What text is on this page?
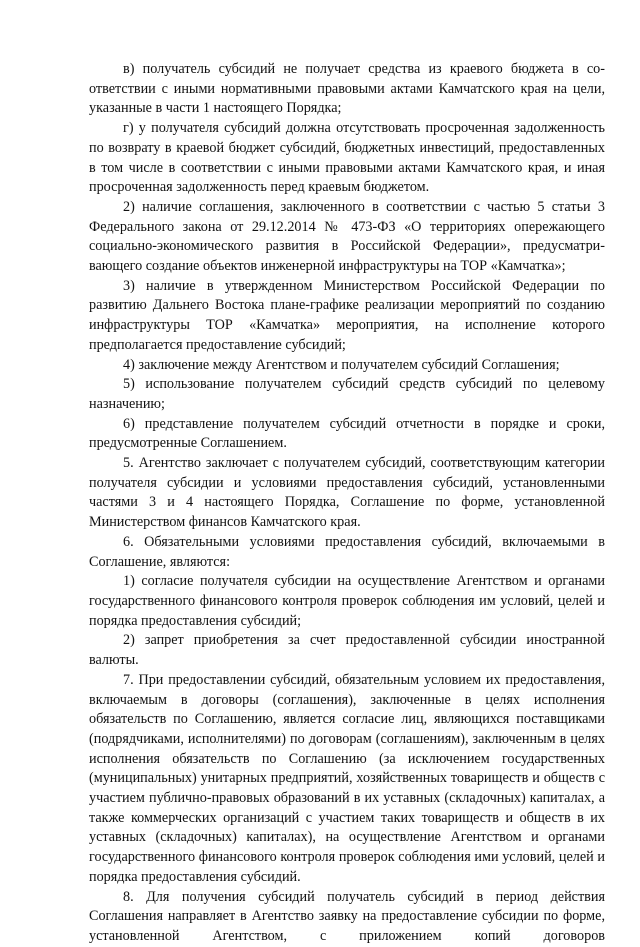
в) получатель субсидий не получает средства из краевого бюджета в соответствии с иными нормативными правовыми актами Камчатского края на цели, указанные в части 1 настоящего Порядка;

г) у получателя субсидий должна отсутствовать просроченная задолженность по возврату в краевой бюджет субсидий, бюджетных инвестиций, предоставленных в том числе в соответствии с иными правовыми актами Камчатского края, и иная просроченная задолженность перед краевым бюджетом.

2) наличие соглашения, заключенного в соответствии с частью 5 статьи 3 Федерального закона от 29.12.2014 № 473-ФЗ «О территориях опережающего социально-экономического развития в Российской Федерации», предусматривающего создание объектов инженерной инфраструктуры на ТОР «Камчатка»;

3) наличие в утвержденном Министерством Российской Федерации по развитию Дальнего Востока плане-графике реализации мероприятий по созданию инфраструктуры ТОР «Камчатка» мероприятия, на исполнение которого предполагается предоставление субсидий;

4) заключение между Агентством и получателем субсидий Соглашения;

5) использование получателем субсидий средств субсидий по целевому назначению;

6) представление получателем субсидий отчетности в порядке и сроки, предусмотренные Соглашением.

5. Агентство заключает с получателем субсидий, соответствующим категории получателя субсидии и условиями предоставления субсидий, установленными частями 3 и 4 настоящего Порядка, Соглашение по форме, установленной Министерством финансов Камчатского края.

6. Обязательными условиями предоставления субсидий, включаемыми в Соглашение, являются:

1) согласие получателя субсидии на осуществление Агентством и органами государственного финансового контроля проверок соблюдения им условий, целей и порядка предоставления субсидий;

2) запрет приобретения за счет предоставленной субсидии иностранной валюты.

7. При предоставлении субсидий, обязательным условием их предоставления, включаемым в договоры (соглашения), заключенные в целях исполнения обязательств по Соглашению, является согласие лиц, являющихся поставщиками (подрядчиками, исполнителями) по договорам (соглашениям), заключенным в целях исполнения обязательств по Соглашению (за исключением государственных (муниципальных) унитарных предприятий, хозяйственных товариществ и обществ с участием публично-правовых образований в их уставных (складочных) капиталах, а также коммерческих организаций с участием таких товариществ и обществ в их уставных (складочных) капиталах), на осуществление Агентством и органами государственного финансового контроля проверок соблюдения ими условий, целей и порядка предоставления субсидий.

8. Для получения субсидий получатель субсидий в период действия Соглашения направляет в Агентство заявку на предоставление субсидии по форме, установленной Агентством, с приложением копий договоров
